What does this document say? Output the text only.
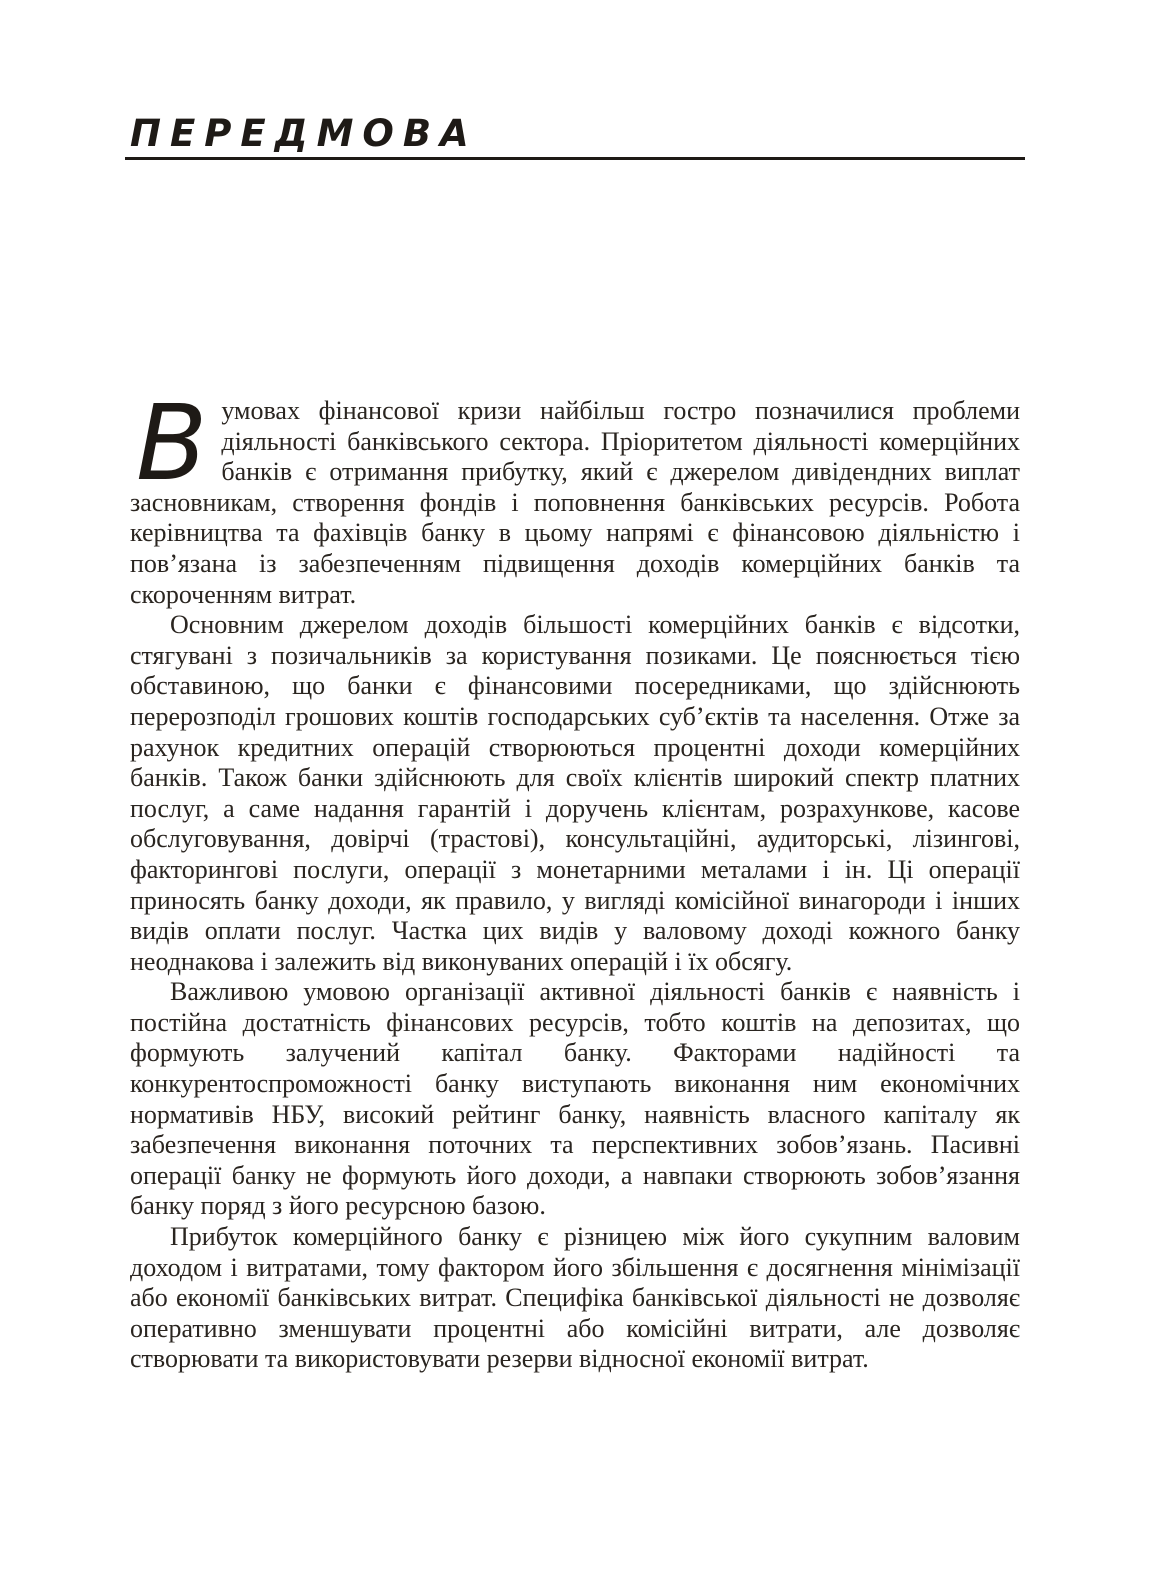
ПЕРЕДМОВА

Вумовах фінансової кризи найбільш гостро позначилися проблеми діяльності банківського сектора. Пріоритетом діяльності комерційних банків є отримання прибутку, який є джерелом дивідендних виплат засновникам, створення фондів і поповнення банківських ресурсів. Робота керівництва та фахівців банку в цьому напрямі є фінансовою діяльністю і пов’язана із забезпеченням підвищення доходів комерційних банків та скороченням витрат.

Основним джерелом доходів більшості комерційних банків є відсотки, стягувані з позичальників за користування позиками. Це пояснюється тією обставиною, що банки є фінансовими посередниками, що здійснюють перерозподіл грошових коштів господарських суб’єктів та населення. Отже за рахунок кредитних операцій створюються процентні доходи комерційних банків. Також банки здійснюють для своїх клієнтів широкий спектр платних послуг, а саме надання гарантій і доручень клієнтам, розрахункове, касове обслуговування, довірчі (трастові), консультаційні, аудиторські, лізингові, факторингові послуги, операції з монетарними металами і ін. Ці операції приносять банку доходи, як правило, у вигляді комісійної винагороди і інших видів оплати послуг. Частка цих видів у валовому доході кожного банку неоднакова і залежить від виконуваних операцій і їх обсягу.

Важливою умовою організації активної діяльності банків є наявність і постійна достатність фінансових ресурсів, тобто коштів на депозитах, що формують залучений капітал банку. Факторами надійності та конкурентоспроможності банку виступають виконання ним економічних нормативів НБУ, високий рейтинг банку, наявність власного капіталу як забезпечення виконання поточних та перспективних зобов’язань. Пасивні операції банку не формують його доходи, а навпаки створюють зобов’язання банку поряд з його ресурсною базою.

Прибуток комерційного банку є різницею між його сукупним валовим доходом і витратами, тому фактором його збільшення є досягнення мінімізації або економії банківських витрат. Специфіка банківської діяльності не дозволяє оперативно зменшувати процентні або комісійні витрати, але дозволяє створювати та використовувати резерви відносної економії витрат.
